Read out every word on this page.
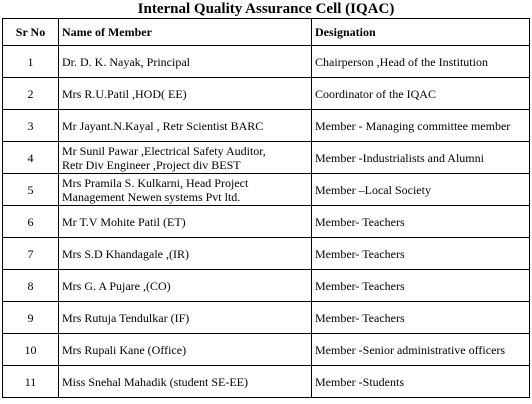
Internal Quality Assurance Cell (IQAC)
Sr No	Name of Member	Designation
1	Dr. D. K. Nayak, Principal	Chairperson ,Head of the Institution
2	Mrs R.U.Patil ,HOD( EE)	Coordinator of the IQAC
3	Mr Jayant.N.Kayal , Retr Scientist BARC	Member - Managing committee member
4	Mr Sunil Pawar ,Electrical Safety Auditor,
Retr Div Engineer ,Project div BEST	Member -Industrialists and Alumni
5	Mrs Pramila S. Kulkarni, Head Project
Management Newen systems Pvt ltd.	Member –Local Society
6	Mr T.V Mohite Patil (ET)	Member- Teachers
7	Mrs S.D Khandagale ,(IR)	Member- Teachers
8	Mrs G. A Pujare ,(CO)	Member- Teachers
9	Mrs Rutuja Tendulkar (IF)	Member- Teachers
10	Mrs Rupali Kane (Office)	Member -Senior administrative officers
11	Miss Snehal Mahadik (student SE-EE)	Member -Students
